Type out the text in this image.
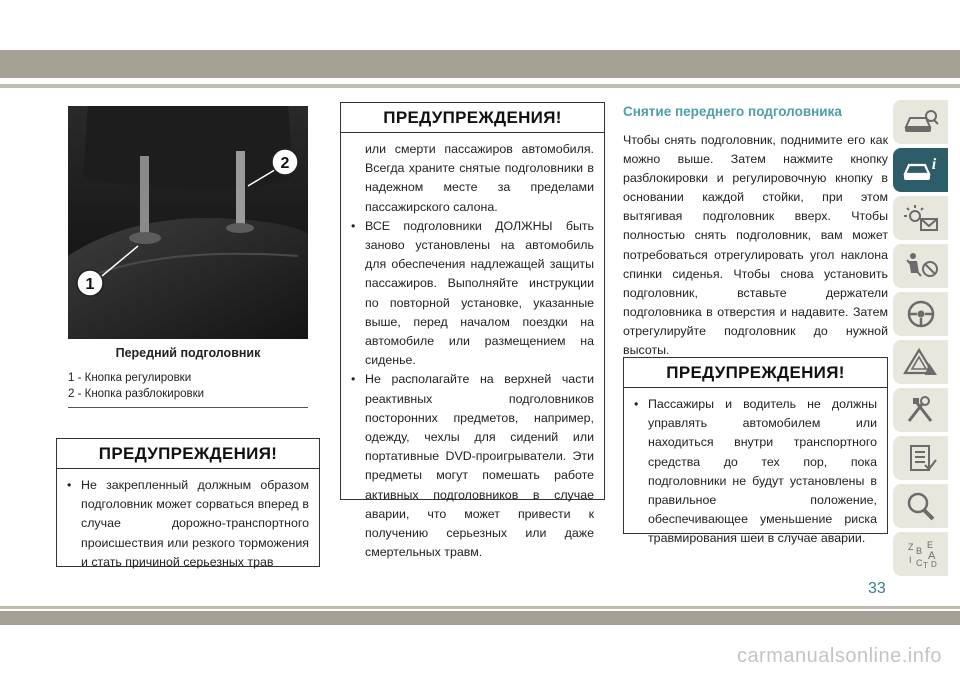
1
2
Передний подголовник
1 - Кнопка регулировки
2 - Кнопка разблокировки
ПРЕДУПРЕЖДЕНИЯ!
• Не закрепленный должным образом подголовник может сорваться вперед в случае дорожно-транспортного происшествия или резкого торможения и стать причиной серьезных трав
ПРЕДУПРЕЖДЕНИЯ!
или смерти пассажиров автомобиля. Всегда храните снятые подголовники в надежном месте за пределами пассажирского салона.
• ВСЕ подголовники ДОЛЖНЫ быть заново установлены на автомобиль для обеспечения надлежащей защиты пассажиров. Выполняйте инструкции по повторной установке, указанные выше, перед началом поездки на автомобиле или размещением на сиденье.
• Не располагайте на верхней части реактивных подголовников посторонних предметов, например, одежду, чехлы для сидений или портативные DVD-проигрыватели. Эти предметы могут помешать работе активных подголовников в случае аварии, что может привести к получению серьезных или даже смертельных травм.
Снятие переднего подголовника
Чтобы снять подголовник, поднимите его как можно выше. Затем нажмите кнопку разблокировки и регулировочную кнопку в основании каждой стойки, при этом вытягивая подголовник вверх. Чтобы полностью снять подголовник, вам может потребоваться отрегулировать угол наклона спинки сиденья. Чтобы снова установить подголовник, вставьте держатели подголовника в отверстия и надавите. Затем отрегулируйте подголовник до нужной высоты.
ПРЕДУПРЕЖДЕНИЯ!
• Пассажиры и водитель не должны управлять автомобилем или находиться внутри транспортного средства до тех пор, пока подголовники не будут установлены в правильное положение, обеспечивающее уменьшение риска травмирования шеи в случае аварии.
i
Z B
E
I A
C T D
33
carmanualsonline.info
